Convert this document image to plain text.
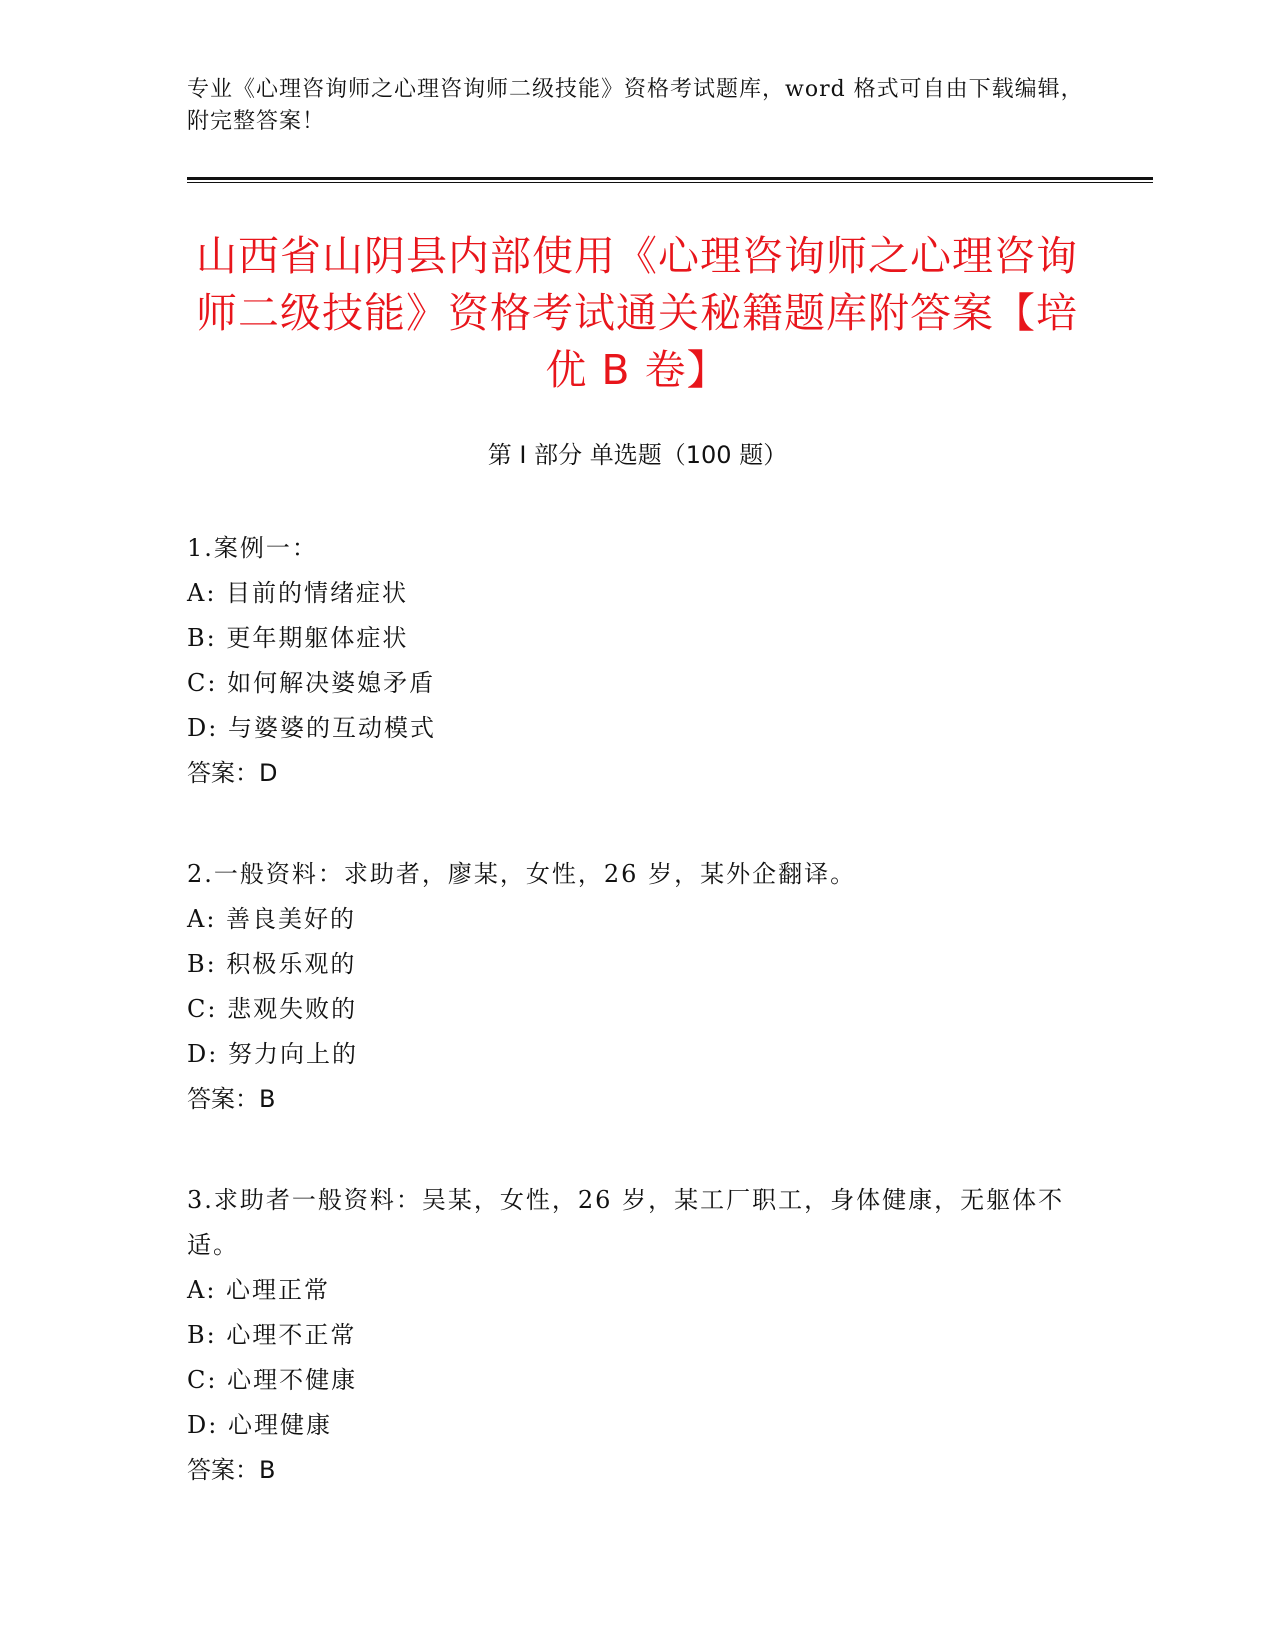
专业《心理咨询师之心理咨询师二级技能》资格考试题库，word 格式可自由下载编辑，附完整答案！
山西省山阴县内部使用《心理咨询师之心理咨询师二级技能》资格考试通关秘籍题库附答案【培优 B 卷】
第 I 部分 单选题（100 题）
1.案例一：
A: 目前的情绪症状
B: 更年期躯体症状
C: 如何解决婆媳矛盾
D: 与婆婆的互动模式
答案：D
2.一般资料：求助者，廖某，女性，26 岁，某外企翻译。
A: 善良美好的
B: 积极乐观的
C: 悲观失败的
D: 努力向上的
答案：B
3.求助者一般资料：吴某，女性，26 岁，某工厂职工，身体健康，无躯体不适。
A: 心理正常
B: 心理不正常
C: 心理不健康
D: 心理健康
答案：B
